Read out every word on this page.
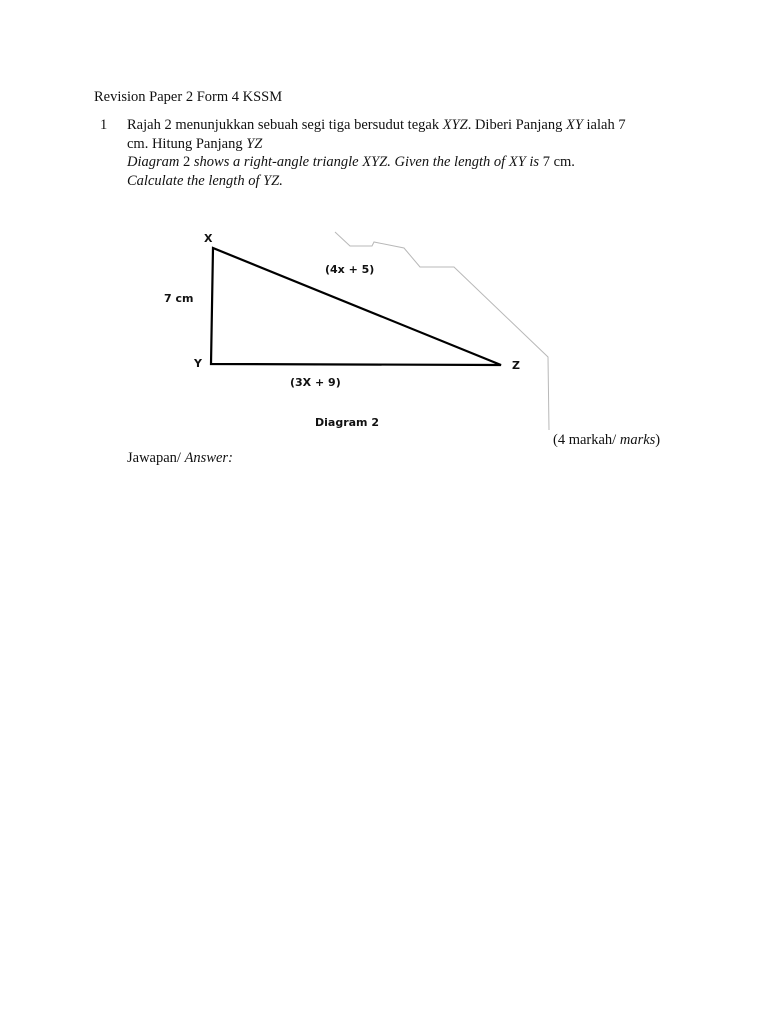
Revision Paper 2 Form 4 KSSM
1 Rajah 2 menunjukkan sebuah segi tiga bersudut tegak XYZ. Diberi Panjang XY ialah 7

cm. Hitung Panjang YZ

Diagram 2 shows a right-angle triangle XYZ. Given the length of XY is 7 cm.

Calculate the length of YZ.

X
Y	Z
7 cm
(4x + 5)
(3X + 9)
Diagram 2
(4 markah/ marks)
Jawapan/ Answer:
